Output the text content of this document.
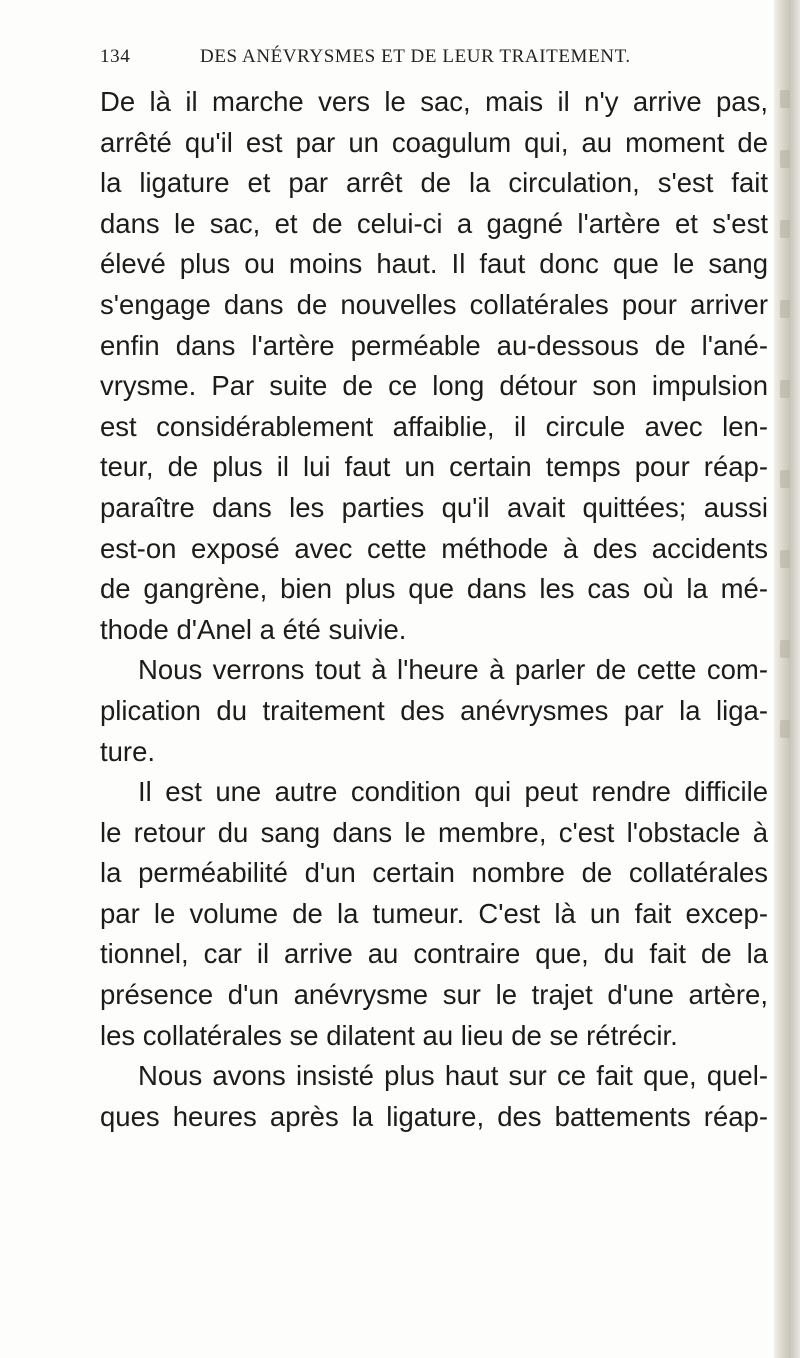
134	DES ANÉVRYSMES ET DE LEUR TRAITEMENT.
De là il marche vers le sac, mais il n'y arrive pas,
arrêté qu'il est par un coagulum qui, au moment de
la ligature et par arrêt de la circulation, s'est fait
dans le sac, et de celui-ci a gagné l'artère et s'est
élevé plus ou moins haut. Il faut donc que le sang
s'engage dans de nouvelles collatérales pour arriver
enfin dans l'artère perméable au-dessous de l'ané-
vrysme. Par suite de ce long détour son impulsion
est considérablement affaiblie, il circule avec len-
teur, de plus il lui faut un certain temps pour réap-
paraître dans les parties qu'il avait quittées; aussi
est-on exposé avec cette méthode à des accidents
de gangrène, bien plus que dans les cas où la mé-
thode d'Anel a été suivie.
Nous verrons tout à l'heure à parler de cette com-
plication du traitement des anévrysmes par la liga-
ture.
Il est une autre condition qui peut rendre difficile
le retour du sang dans le membre, c'est l'obstacle à
la perméabilité d'un certain nombre de collatérales
par le volume de la tumeur. C'est là un fait excep-
tionnel, car il arrive au contraire que, du fait de la
présence d'un anévrysme sur le trajet d'une artère,
les collatérales se dilatent au lieu de se rétrécir.
Nous avons insisté plus haut sur ce fait que, quel-
ques heures après la ligature, des battements réap-
